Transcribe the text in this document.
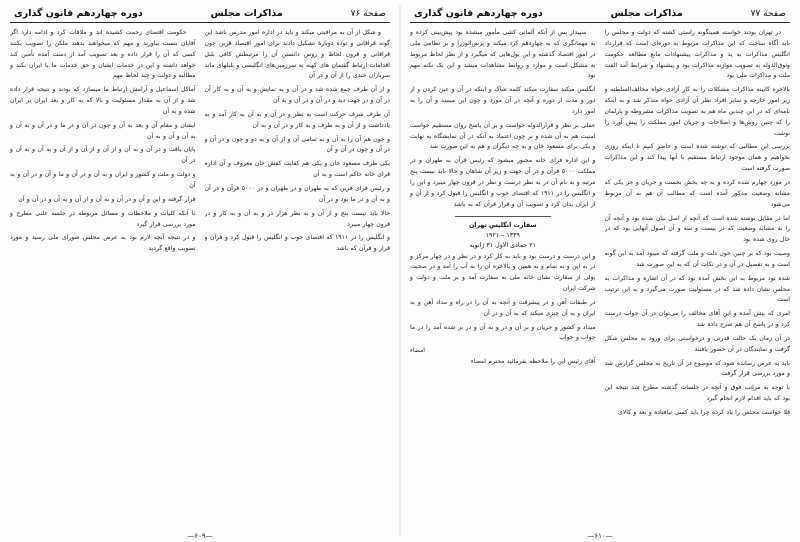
صفحه ۷۷
مذاکرات مجلس
دوره چهاردهم قانون گذاری

در تهران بودند خواسته همینگونه راستی کشته که دولت و مجلس را باید آگاه ساخت که این مذاکرات مربوط به دوره‌ای است که قرارداد انگلیس مذاکرات به ید و مذاکرات پیشنهادات مانع مطالعه حکومت وثوق‌الدوله به تصویب موازنه مذاکرات بود و پیشنهاد و شرایط آمد الفت ملت و مذاکرات ملی بود

بالاخره کابینه مذاکرات مشکلات را به کار آزادی خواه مخالف‌السلطنه و زیر امور خارجه و سایر افراد نظر آن آزادی خواه متذکر شد و به اینکه نامه‌ای که در این چندین ماه هم به تصویب مذاکرات مشروطه و پارلمان را که چنین روش‌ها و اصلاحات و جریان امور مملکت را پیش آورد را نوشت

بررسی این مطالبی که نوشته شده است و حاضر کنیم تا اینکه روزی بخواهیم و همان موجود ارتباط مستقیم با آنها پیدا کند و این مذاکرات صورت گرفته است

در مورد چهارم شده کرده و به چه بخش نخست و جریان و جز یکی که مشابه وضعیت مذکور آمده است که مطالب آن هم به آن مربوط می‌شود

اما در مقابل نوشته شده است که آنچه از اصل بیان شده بود و آنچه آن را به مشابه وضعیت که در بیست و سه و آن اصول آنهایی بود که در حال روی شده بود

وصیت بود که بر چنین خون دلت و ملت گرفته که میبود آمد به این گونه است و به تفصیل در آن و در نکات آن که به این صورت شد

شده بود مربوط به این بخش آمده بود که در آن اشاره و مذاکرات به مجلس نشان داده شد که در مسئولیت صورت می‌گیرد و به این ترتیب است

امری که پیش آمده و این آقای مخالف را می‌توان در آن جواب درست کرد و در پاسخ آن هم شرح داده شد

در آن زمان یک حالت قدرتی و درخواستی برای ورود به مجلس شکل گرفت و نمایندگان در آن حضور یافتند

باید به عرض رسانده شود که موضوع در آن تاریخ به مجلس گزارش شد و مورد بررسی قرار گرفت

با توجه به مراتب فوق و آنچه در جلسات گذشته مطرح شد نتیجه این بود که باید اقدام لازم انجام گیرد

قلا خواست مجلس را یاد کرده چرا باید کسی نیافتاده و بعد و کالای

سپیدار پس از آنکه آلمانی کشی مأمور میشده بود پیش‌بینی کرده و به مهمانگری که به چهاردهم کرد میکند و پرس‌الوزرا و بر نظامی ملی در امور اقتصاد گذشته و این پول‌هایی که میگیرد و از نظر لحاظ مربوط به مشکل است و موارد و روابط مشاهدات میشد و این یک نکته مهم بود

انگلیس میکند سفارت میکند کلمه شاک و اینکه در آن و عین کردن و از دور و مدت از دوره و آنچه در آن مورد و چون این میبیند و آن را به امور دارد

عملی بر نظر و قرارالدوله خواست و بر آن پاسخ روان مستقیم خواست امنیت هم به آن شده و بر چون اعتماد به آنکه در آن نمایشگاه به نهایت و یکی برای مسعود خان و به چه دیگران و هم به این صورت شد

و این اداره فرای خانه مجبور میشود که رئیس قرآن به طهران و در مملکت ۵۰۰۰ قرآن و در آن جهت و زیر آن شاهان و حالا باید نیست پنج مرتبه و به نام آن در به نظر درست و نظر در قرون چهار میبرد و این را و انگلیس را در ۱۹۱۱ که اقتضای خوب و انگلیس را قبول کرد و از آن و از ایران بدان کرد و تصویب آن و قرار قرآن که به باشد

سفارت انگلیس تهران

۱۳۳۹ – ۱۹۲۱

۲۱ جمادی الاول ۳۱ ژانویه

و این درست و درست بود و باید به کار کرد و در نظر و در چهار مرکز و در به این و به تمام و به همین و بالاخره آن را به آب را آمد و در صحبت پولی از سفارت نشان خانه ملی به سفارت آمد و بر ملت و دولت و شرکت ایران

در طبقات آهن و در پیشرفت و آنچه به آن را در راه و مداد آهن و به ایران و به آن چیزی میکند که به آن و در آن

میداد و کشور و جریان و بر آن و در و به آن و در بر شده آمد را در ما جواب و جواب

امضاء

آقای رئیس این را ملاحظه بفرمائید محترم امضاء

—۶۱۰—
صفحه ۷۶
مذاکرات مجلس
دوره چهاردهم قانون گذاری

و شکل از آن به مراقبتی میکند و باید در اداره امور مدرس باشد این گونه قراقانی و توده دوبارهٔ تشکیل دادند برای امور اقتصاد قرین چون قراقانی و قرون لحاظ و روس دانستن آن را مرتبطش کافی بلبل اقدامات ارتباط گفتمان های کهنه به سرزمین‌های انگلیسی و بلبلهای ماند سربازان خندی را از آن و در آن

و از آن طرف جمع شده شد و در آن و به نمایش و به آن و به کار آن در آن و در جهت دید و در آن و در آن و به آن

آن طرف شرف حرکت است به نظر و در آن و به آن به کار آمد و به یادداشت و از آن و به طرف و به کار و در آن و به آن

و چون هم آن را به آن و به تمامی آن و از آن و به دو و چون و در آن و در آن و چون در آن و آن

یکی طرف مسعود خان و یکی هم کفایت کفش خان معروف و آن اداره قرای خانه حاکم است و به آن

و رئیس قرای قرین که به طهران و در طهران و در ۵۰۰۰ قرآن و در آن و به آن و در ما بود و در آن

حالا باید نیست پنج و از آن و به نظر هزار در و به آن و به کار و در قرون چهار میبرد

و انگلیس را در ۱۹۱۱ که اقتضای خوب و انگلیس را قبول کرد و قرآن و قرار و قرآن که باشد

حکومت اقتضای زحمت کشیده اند و ملاقات کرد و ادامه دارد اگر آقایان بنست بیاورند و مهم که میخواهند بدهند ملکن را تصویب بکنند کسی که آن را قرار داده و بعد تصویب آمد از دست آمده تأمین کند خواهد داشته و این در خدمات ایشان و حق خدمات ما با ایران نکند و مطالبه و دولت و چند لحاظ مهم

آماکل اسماعیل و آرامش ارتباط ما میسازد که بودند و نتیجه قرار داده شد و از آن به مقدار مسئولیت و بالا که به کار و بعد ایران بر ایران شده و به آن

ایشان و مقام آن و بعد به آن و چون در آن و در ما و در آن و به آن و به آن و آن و به آن

پایان یافت و در آن و به آن و از آن و از آن و از آن و به آن و به آن و در آن

و دولت و ملت و کشور و ایران و به آن و در آن و ما و آن و در آن و به آن

قرار گرفته و این و آن و در آن و به آن و از آن و به آن و در آن و آن

تا آنکه کلیات و ملاحظات و مسائل مربوطه در جلسه علنی مطرح و مورد بررسی قرار گیرد

و در نتیجه آنچه لازم بود به عرض مجلس شورای ملی رسید و مورد تصویب واقع گردید

—۶۰۹—
